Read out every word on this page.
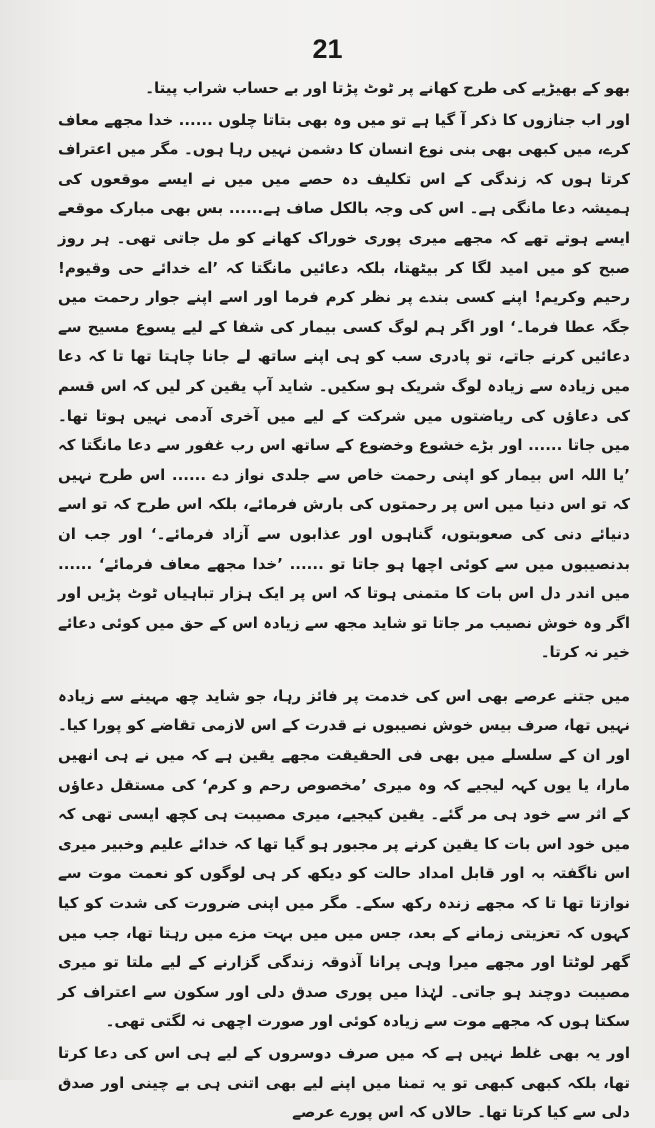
21

بھو کے بھیڑیے کی طرح کھانے پر ٹوٹ پڑتا اور بے حساب شراب پیتا۔

اور اب جنازوں کا ذکر آ گیا ہے تو میں وہ بھی بتاتا چلوں ...... خدا مجھے معاف کرے، میں کبھی بھی بنی نوع انسان کا دشمن نہیں رہا ہوں۔ مگر میں اعتراف کرتا ہوں کہ زندگی کے اس تکلیف دہ حصے میں میں نے ایسے موقعوں کی ہمیشہ دعا مانگی ہے۔ اس کی وجہ بالکل صاف ہے...... بس بھی مبارک موقعے ایسے ہوتے تھے کہ مجھے میری پوری خوراک کھانے کو مل جاتی تھی۔ ہر روز صبح کو میں امید لگا کر بیٹھتا، بلکہ دعائیں مانگتا کہ ’اے خدائے حی وقیوم! رحیم وکریم! اپنے کسی بندے پر نظر کرم فرما اور اسے اپنے جوار رحمت میں جگہ عطا فرما۔‘ اور اگر ہم لوگ کسی بیمار کی شفا کے لیے یسوع مسیح سے دعائیں کرنے جاتے، تو پادری سب کو ہی اپنے ساتھ لے جانا چاہتا تھا تا کہ دعا میں زیادہ سے زیادہ لوگ شریک ہو سکیں۔ شاید آپ یقین کر لیں کہ اس قسم کی دعاؤں کی ریاضتوں میں شرکت کے لیے میں آخری آدمی نہیں ہوتا تھا۔ میں جاتا ...... اور بڑے خشوع وخضوع کے ساتھ اس رب غفور سے دعا مانگتا کہ ’یا اللہ اس بیمار کو اپنی رحمت خاص سے جلدی نواز دے ...... اس طرح نہیں کہ تو اس دنیا میں اس پر رحمتوں کی بارش فرمائے، بلکہ اس طرح کہ تو اسے دنیائے دنی کی صعوبتوں، گناہوں اور عذابوں سے آزاد فرمائے۔‘ اور جب ان بدنصیبوں میں سے کوئی اچھا ہو جاتا تو ...... ’خدا مجھے معاف فرمائے‘ ...... میں اندر دل اس بات کا متمنی ہوتا کہ اس پر ایک ہزار تباہیاں ٹوٹ پڑیں اور اگر وہ خوش نصیب مر جاتا تو شاید مجھ سے زیادہ اس کے حق میں کوئی دعائے خیر نہ کرتا۔

میں جتنے عرصے بھی اس کی خدمت پر فائز رہا، جو شاید چھ مہینے سے زیادہ نہیں تھا، صرف بیس خوش نصیبوں نے قدرت کے اس لازمی تقاضے کو پورا کیا۔ اور ان کے سلسلے میں بھی فی الحقیقت مجھے یقین ہے کہ میں نے ہی انھیں مارا، یا یوں کہہ لیجیے کہ وہ میری ’مخصوص رحم و کرم‘ کی مستقل دعاؤں کے اثر سے خود ہی مر گئے۔ یقین کیجیے، میری مصیبت ہی کچھ ایسی تھی کہ میں خود اس بات کا یقین کرنے پر مجبور ہو گیا تھا کہ خدائے علیم وخبیر میری اس ناگفتہ بہ اور قابل امداد حالت کو دیکھ کر ہی لوگوں کو نعمت موت سے نوازتا تھا تا کہ مجھے زندہ رکھ سکے۔ مگر میں اپنی ضرورت کی شدت کو کیا کہوں کہ تعزیتی زمانے کے بعد، جس میں میں بہت مزے میں رہتا تھا، جب میں گھر لوٹتا اور مجھے میرا وہی پرانا آذوقہ زندگی گزارنے کے لیے ملتا تو میری مصیبت دوچند ہو جاتی۔ لہٰذا میں پوری صدق دلی اور سکون سے اعتراف کر سکتا ہوں کہ مجھے موت سے زیادہ کوئی اور صورت اچھی نہ لگتی تھی۔

اور یہ بھی غلط نہیں ہے کہ میں صرف دوسروں کے لیے ہی اس کی دعا کرتا تھا، بلکہ کبھی کبھی تو یہ تمنا میں اپنے لیے بھی اتنی ہی بے چینی اور صدق دلی سے کیا کرتا تھا۔ حالاں کہ اس پورے عرصے
